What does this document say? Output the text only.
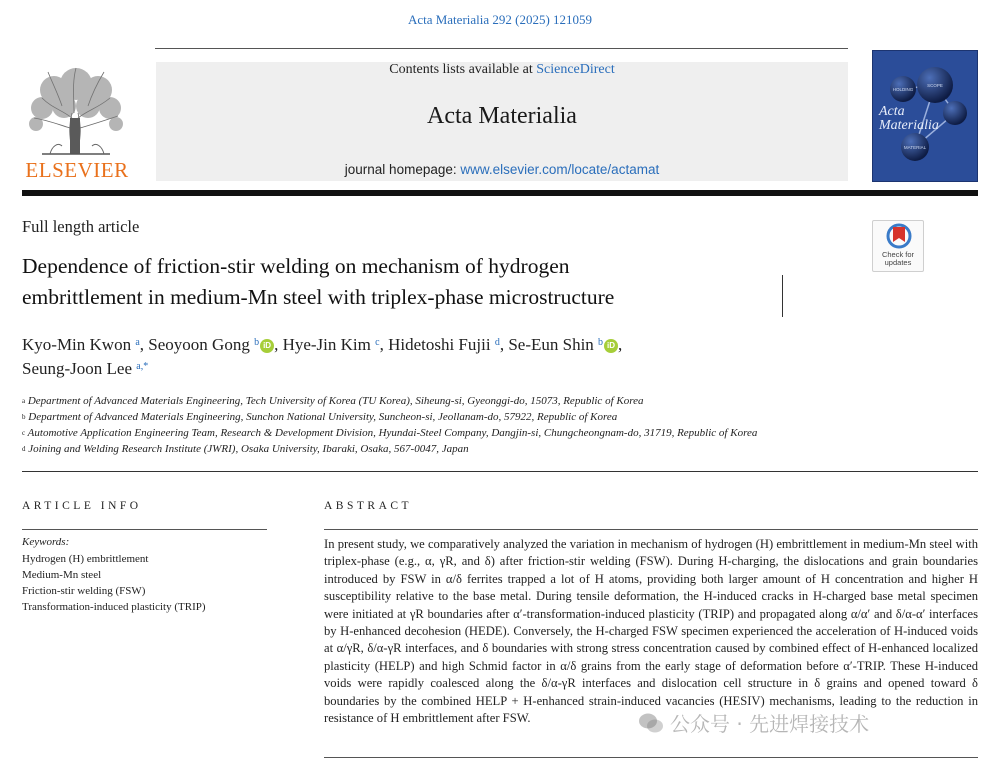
Acta Materialia 292 (2025) 121059
ELSEVIER
Contents lists available at ScienceDirect
Acta Materialia
journal homepage: www.elsevier.com/locate/actamat
HOLDING
SCOPE
MATERIAL
Acta
Materialia
Full length article
Check for
updates
Dependence of friction-stir welding on mechanism of hydrogen
embrittlement in medium-Mn steel with triplex-phase microstructure
Kyo-Min Kwon $^a$, Seoyoon Gong $^b$ iD , Hye-Jin Kim $^c$, Hidetoshi Fujii $^d$, Se-Eun Shin $^b$ iD ,
Seung-Joon Lee $^{a,*}$
$^a$ Department of Advanced Materials Engineering, Tech University of Korea (TU Korea), Siheung-si, Gyeonggi-do, 15073, Republic of Korea
$^b$ Department of Advanced Materials Engineering, Sunchon National University, Suncheon-si, Jeollanam-do, 57922, Republic of Korea
$^c$ Automotive Application Engineering Team, Research & Development Division, Hyundai-Steel Company, Dangjin-si, Chungcheongnam-do, 31719, Republic of Korea
$^d$ Joining and Welding Research Institute (JWRI), Osaka University, Ibaraki, Osaka, 567-0047, Japan
ARTICLE INFO	ABSTRACT
Keywords:
Hydrogen (H) embrittlement
Medium-Mn steel
Friction-stir welding (FSW)
Transformation-induced plasticity (TRIP)

In present study, we comparatively analyzed the variation in mechanism of hydrogen (H) embrittlement in medium-Mn steel with triplex-phase (e.g., α, γR, and δ) after friction-stir welding (FSW). During H-charging, the dislocations and grain boundaries introduced by FSW in α/δ ferrites trapped a lot of H atoms, providing both larger amount of H concentration and higher H susceptibility relative to the base metal. During tensile deformation, the H-induced cracks in H-charged base metal specimen were initiated at γR boundaries after α′-transformation-induced plasticity (TRIP) and propagated along α/α′ and δ/α-α′ interfaces by H-enhanced decohesion (HEDE). Conversely, the H-charged FSW specimen experienced the acceleration of H-induced voids at α/γR, δ/α-γR interfaces, and δ boundaries with strong stress concentration caused by combined effect of H-enhanced localized plasticity (HELP) and high Schmid factor in α/δ grains from the early stage of deformation before α′-TRIP. These H-induced voids were rapidly coalesced along the δ/α-γR interfaces and dislocation cell structure in δ grains and opened toward δ boundaries by the combined HELP + H-enhanced strain-induced vacancies (HESIV) mechanisms, leading to the reduction in resistance of H embrittlement after FSW.	公众号 · 先进焊接技术
